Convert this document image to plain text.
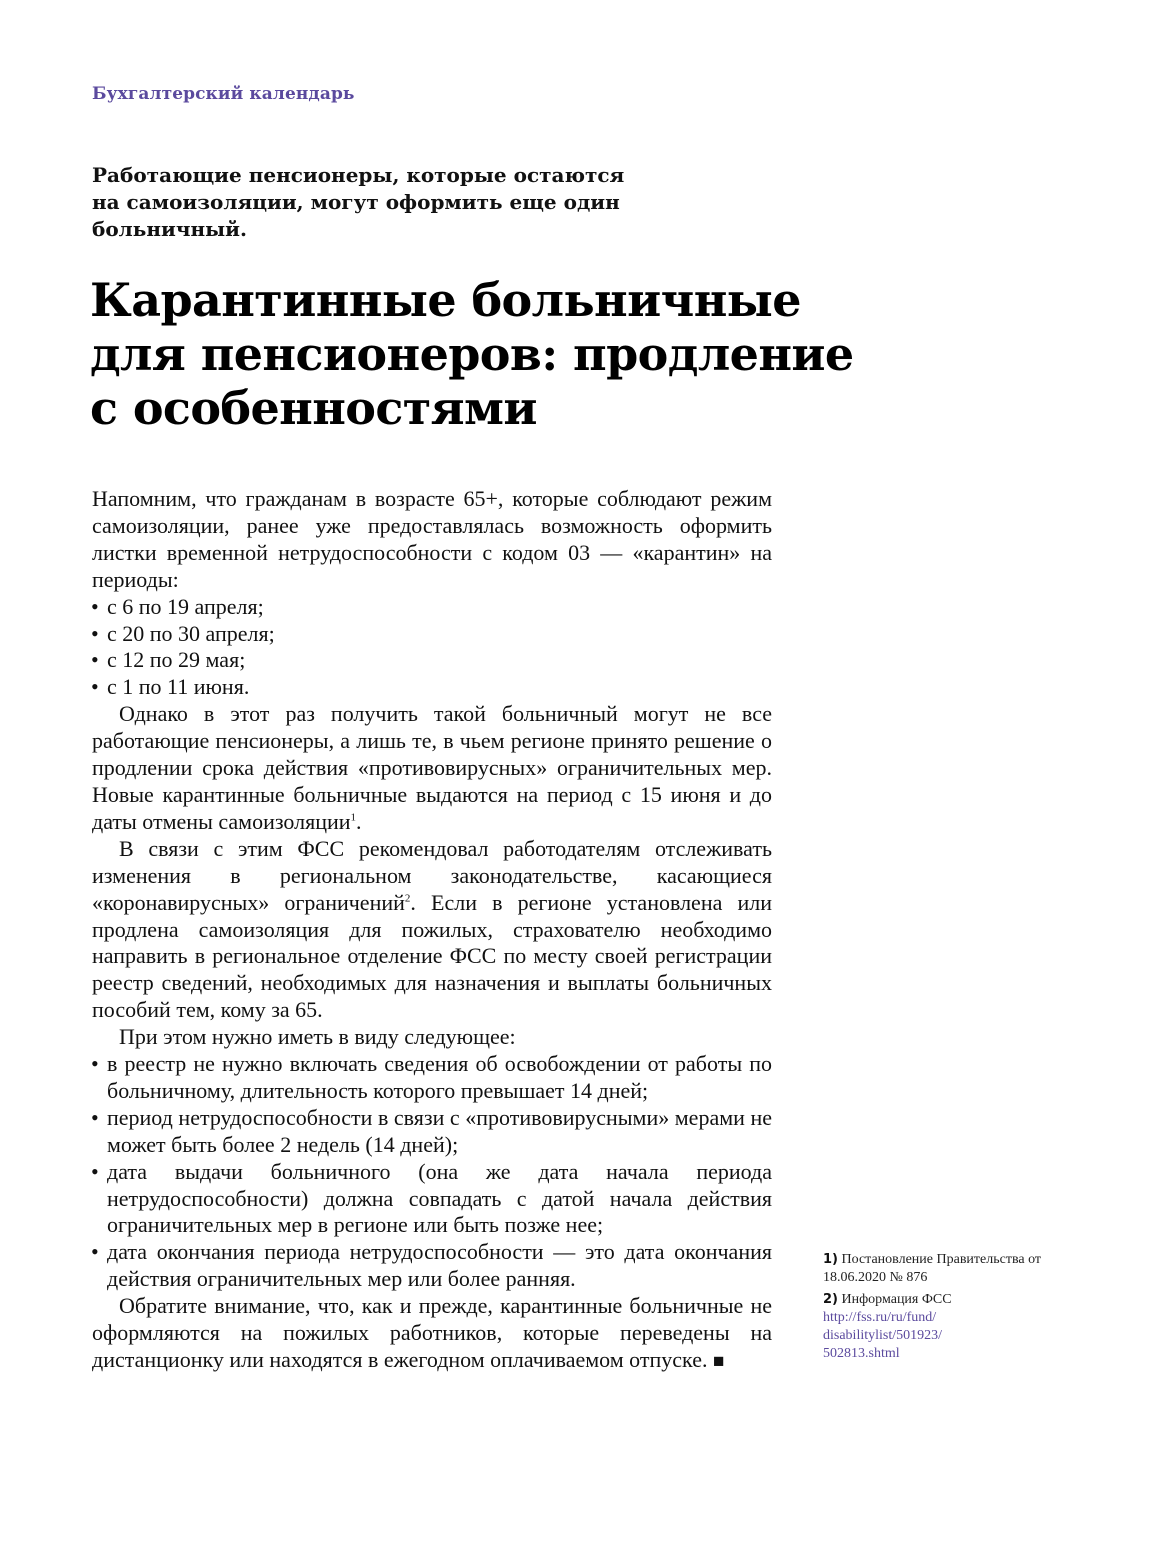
Бухгалтерский календарь
Работающие пенсионеры, которые остаются
на самоизоляции, могут оформить еще один
больничный.
Карантинные больничные
для пенсионеров: продление
с особенностями

Напомним, что гражданам в возрасте 65+, которые соблюдают режим самоизоляции, ранее уже предоставлялась возможность оформить листки временной нетрудоспособности с кодом 03 — «карантин» на периоды:

• с 6 по 19 апреля;
• с 20 по 30 апреля;
• с 12 по 29 мая;
• с 1 по 11 июня.

Однако в этот раз получить такой больничный могут не все работающие пенсионеры, а лишь те, в чьем регионе принято решение о продлении срока действия «противовирусных» ограничительных мер. Новые карантинные больничные выдаются на период с 15 июня и до даты отмены самоизоляции$^1$.

В связи с этим ФСС рекомендовал работодателям отслеживать изменения в региональном законодательстве, касающиеся «коронавирусных» ограничений$^2$. Если в регионе установлена или продлена самоизоляция для пожилых, страхователю необходимо направить в региональное отделение ФСС по месту своей регистрации реестр сведений, необходимых для назначения и выплаты больничных пособий тем, кому за 65.

При этом нужно иметь в виду следующее:

• в реестр не нужно включать сведения об освобождении от работы по больничному, длительность которого превышает 14 дней;
• период нетрудоспособности в связи с «противовирусными» мерами не может быть более 2 недель (14 дней);
• дата выдачи больничного (она же дата начала периода нетрудоспособности) должна совпадать с датой начала действия ограничительных мер в регионе или быть позже нее;
• дата окончания периода нетрудоспособности — это дата окончания действия ограничительных мер или более ранняя.

Обратите внимание, что, как и прежде, карантинные больничные не оформляются на пожилых работников, которые переведены на дистанционку или находятся в ежегодном оплачиваемом отпуске. ■

1) Постановление Правительства от 18.06.2020 № 876
2) Информация ФСС
http://fss.ru/ru/fund/
disabilitylist/501923/
502813.shtml
